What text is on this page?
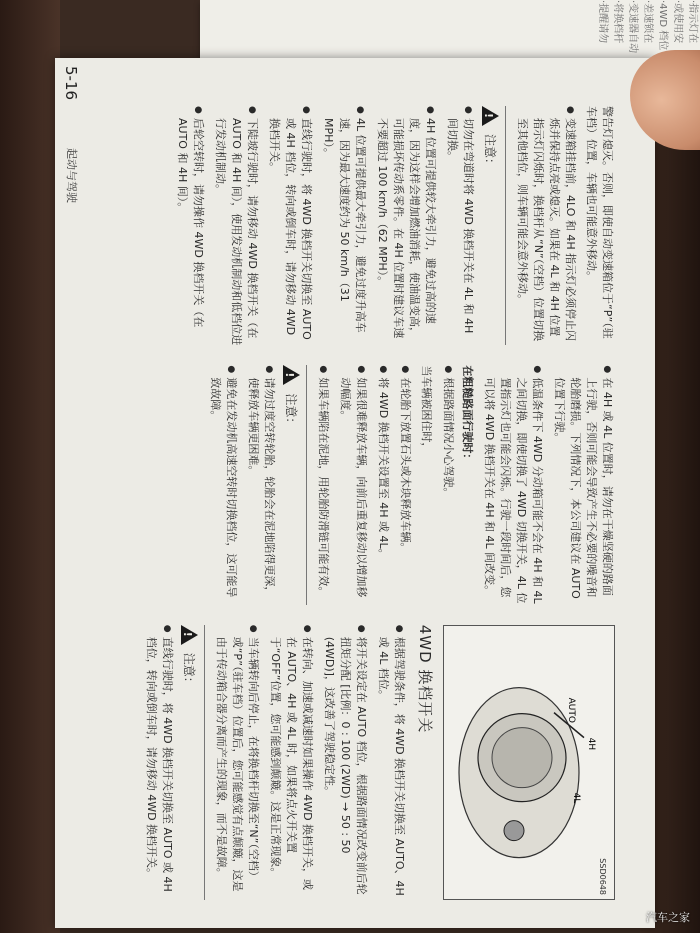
·指示灯在
·或使用安
·4WD 档位
·差速锁在
·变速器自动
·将换档杆
·提醒请勿

警告灯熄灭。否则，即使自动变速箱位于“P”（驻车档）位置，车辆也可能意外移动。

● 变速箱挂档前，4LO 和 4H 指示灯必须停止闪烁并保持点亮或熄灭。如果在 4L 和 4H 位置指示灯闪烁时，换档杆从“N”（空档）位置切换至其他档位，则车辆可能会意外移动。
!
注意：
● 切勿在弯道时将 4WD 换档开关在 4L 和 4H 间切换。
● 4H 位置可提供较大牵引力，避免过高的速度，因为这样会增加燃油消耗，使油温变高，可能损坏传动系零件。在 4H 位置时建议车速不要超过 100 km/h（62 MPH）。
● 4L 位置可提供最大牵引力，避免过度升高车速，因为最大速度约为 50 km/h（31 MPH）。
● 直线行驶时，将 4WD 换档开关切换至 AUTO 或 4H 档位，转向或倒车时，请勿移动 4WD 换档开关。
● 下陡坡行驶时，请勿移动 4WD 换档开关（在 AUTO 和 4H 间），使用发动机制动和低档位进行发动机制动。
● 后轮空转时，请勿操作 4WD 换档开关（在 AUTO 和 4H 间）。
● 在 4H 或 4L 位置时，请勿在干燥坚硬的路面上行驶，否则可能会导致产生不必要的噪音和轮胎磨损。下列情况下，本公司建议在 AUTO 位置下行驶。
● 低温条件下 4WD 分动箱可能不会在 4H 和 4L 之间切换，即使切换了 4WD 切换开关，4L 位置指示灯也可能会闪烁。行驶一段时间后，您可以将 4WD 换档开关在 4H 和 4L 间改变。
在粗糙路面行驶时：
● 根据路面情况小心驾驶。

当车辆被困住时，

● 在轮胎下放置石头或木块释放车辆。
● 将 4WD 换档开关设置至 4H 或 4L。
● 如果很难释放车辆，向前后重复移动以增加移动幅度。
● 如果车辆陷在泥地，用轮胎防滑链可能有效。
!
注意：
● 请勿过度空转轮胎，轮胎会在泥地陷得更深，使释放车辆更困难。
● 避免在发动机高速空转时切换档位，这可能导致故障。
SSD0648
AUTO
4H
4L
4WD 换档开关
● 根据驾驶条件，将 4WD 换档开关切换至 AUTO、4H 或 4L 档位。
● 将开关设定在 AUTO 档位，根据路面情况改变前后轮扭矩分配 [比例：0 : 100 (2WD) → 50 : 50 (4WD)]，这改善了驾驶稳定性。
● 在转向、加速或减速时如果操作 4WD 换档开关，或在 AUTO、4H 或 4L 时，如果将点火开关置于“OFF”位置，您可能感到颠簸。这是正常现象。
● 当车辆转向后停止，在将换档杆切换至“N”（空档）或“P”（驻车档）位置后，您可能感觉有点颠簸，这是由于传动箱合器分离而产生的现象，而不是故障。
!
注意：
● 直线行驶时，将 4WD 换档开关切换至 AUTO 或 4H 档位，转向或倒车时，请勿移动 4WD 换档开关。
5-16
起动与驾驶
汽车之家
